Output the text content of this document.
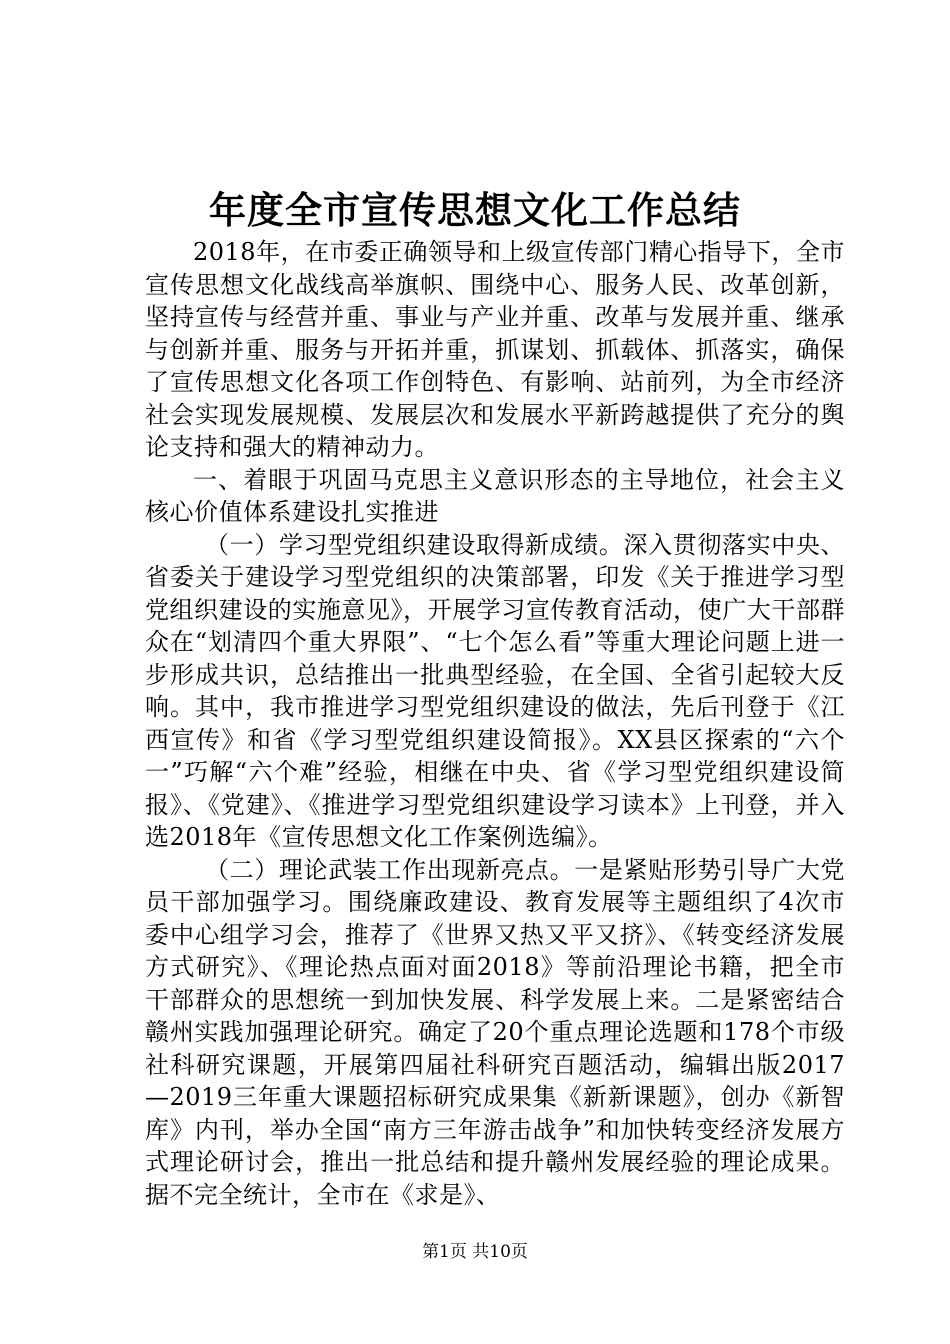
年度全市宣传思想文化工作总结

2018年，在市委正确领导和上级宣传部门精心指导下，全市宣传思想文化战线高举旗帜、围绕中心、服务人民、改革创新，坚持宣传与经营并重、事业与产业并重、改革与发展并重、继承与创新并重、服务与开拓并重，抓谋划、抓载体、抓落实，确保了宣传思想文化各项工作创特色、有影响、站前列，为全市经济社会实现发展规模、发展层次和发展水平新跨越提供了充分的舆论支持和强大的精神动力。

一、着眼于巩固马克思主义意识形态的主导地位，社会主义核心价值体系建设扎实推进

（一）学习型党组织建设取得新成绩。深入贯彻落实中央、省委关于建设学习型党组织的决策部署，印发《关于推进学习型党组织建设的实施意见》，开展学习宣传教育活动，使广大干部群众在“划清四个重大界限”、“七个怎么看”等重大理论问题上进一步形成共识，总结推出一批典型经验，在全国、全省引起较大反响。其中，我市推进学习型党组织建设的做法，先后刊登于《江西宣传》和省《学习型党组织建设简报》。XX县区探索的“六个一”巧解“六个难”经验，相继在中央、省《学习型党组织建设简报》、《党建》、《推进学习型党组织建设学习读本》上刊登，并入选2018年《宣传思想文化工作案例选编》。

（二）理论武装工作出现新亮点。一是紧贴形势引导广大党员干部加强学习。围绕廉政建设、教育发展等主题组织了4次市委中心组学习会，推荐了《世界又热又平又挤》、《转变经济发展方式研究》、《理论热点面对面2018》等前沿理论书籍，把全市干部群众的思想统一到加快发展、科学发展上来。二是紧密结合赣州实践加强理论研究。确定了20个重点理论选题和178个市级社科研究课题，开展第四届社科研究百题活动，编辑出版2017—2019三年重大课题招标研究成果集《新新课题》，创办《新智库》内刊，举办全国“南方三年游击战争”和加快转变经济发展方式理论研讨会，推出一批总结和提升赣州发展经验的理论成果。据不完全统计，全市在《求是》、

第1页 共10页
